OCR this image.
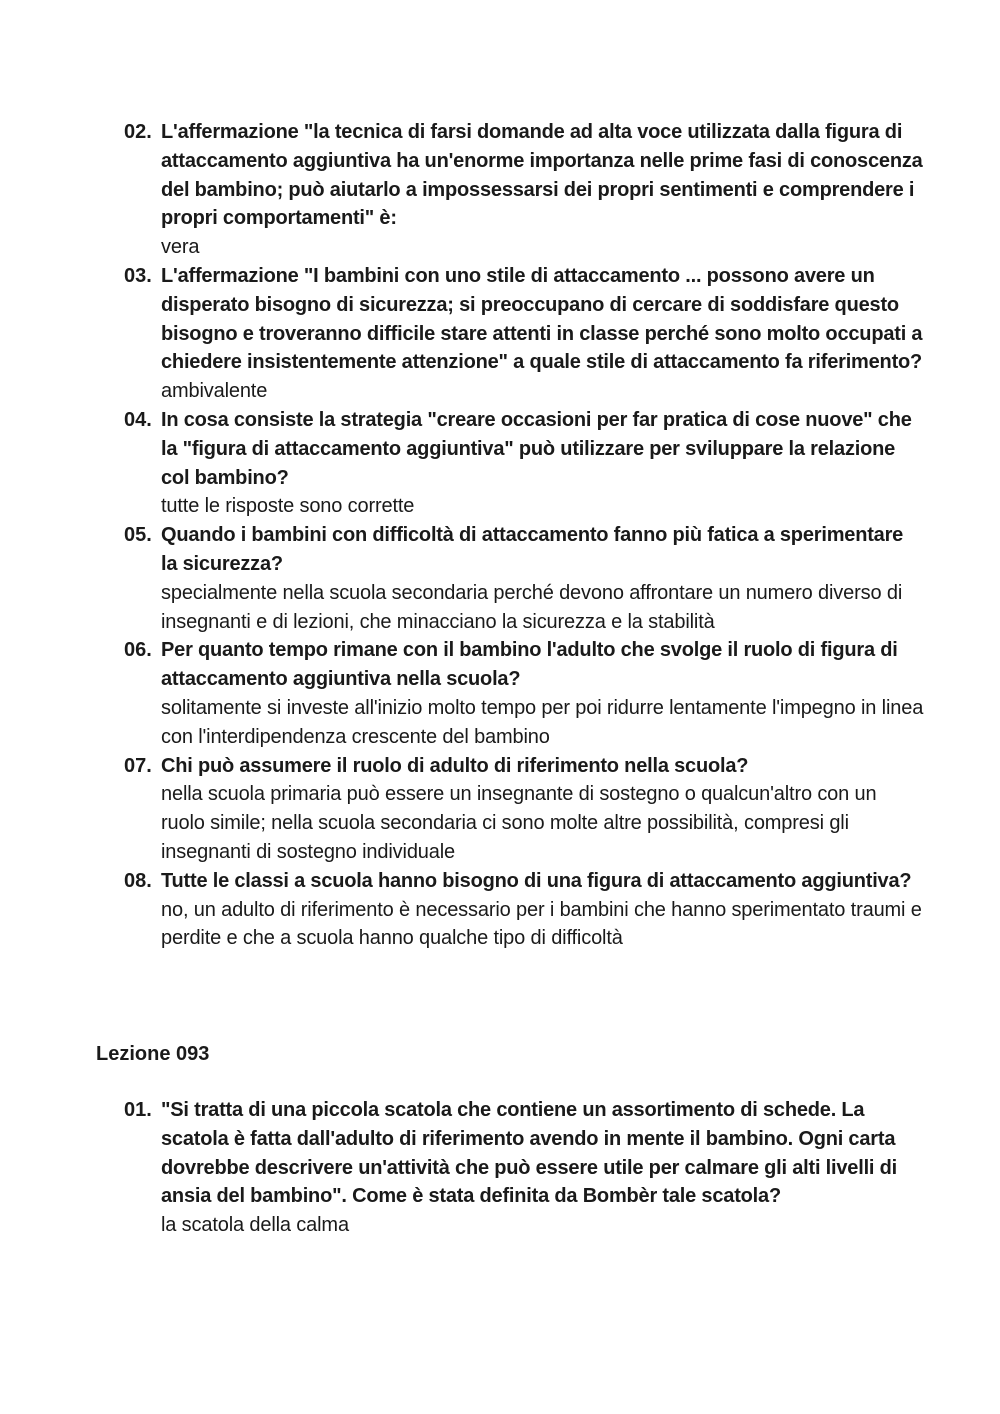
02. L'affermazione "la tecnica di farsi domande ad alta voce utilizzata dalla figura di attaccamento aggiuntiva ha un'enorme importanza nelle prime fasi di conoscenza del bambino; può aiutarlo a impossessarsi dei propri sentimenti e comprendere i propri comportamenti" è:

vera

03. L'affermazione "I bambini con uno stile di attaccamento ... possono avere un disperato bisogno di sicurezza; si preoccupano di cercare di soddisfare questo bisogno e troveranno difficile stare attenti in classe perché sono molto occupati a chiedere insistentemente attenzione" a quale stile di attaccamento fa riferimento?

ambivalente

04. In cosa consiste la strategia "creare occasioni per far pratica di cose nuove" che la "figura di attaccamento aggiuntiva" può utilizzare per sviluppare la relazione col bambino?

tutte le risposte sono corrette

05. Quando i bambini con difficoltà di attaccamento fanno più fatica a sperimentare la sicurezza?

specialmente nella scuola secondaria perché devono affrontare un numero diverso di insegnanti e di lezioni, che minacciano la sicurezza e la stabilità

06. Per quanto tempo rimane con il bambino l'adulto che svolge il ruolo di figura di attaccamento aggiuntiva nella scuola?

solitamente si investe all'inizio molto tempo per poi ridurre lentamente l'impegno in linea con l'interdipendenza crescente del bambino

07. Chi può assumere il ruolo di adulto di riferimento nella scuola?

nella scuola primaria può essere un insegnante di sostegno o qualcun'altro con un ruolo simile; nella scuola secondaria ci sono molte altre possibilità, compresi gli insegnanti di sostegno individuale

08. Tutte le classi a scuola hanno bisogno di una figura di attaccamento aggiuntiva?

no, un adulto di riferimento è necessario per i bambini che hanno sperimentato traumi e perdite e che a scuola hanno qualche tipo di difficoltà

Lezione 093

01. "Si tratta di una piccola scatola che contiene un assortimento di schede. La scatola è fatta dall'adulto di riferimento avendo in mente il bambino. Ogni carta dovrebbe descrivere un'attività che può essere utile per calmare gli alti livelli di ansia del bambino". Come è stata definita da Bombèr tale scatola?

la scatola della calma
